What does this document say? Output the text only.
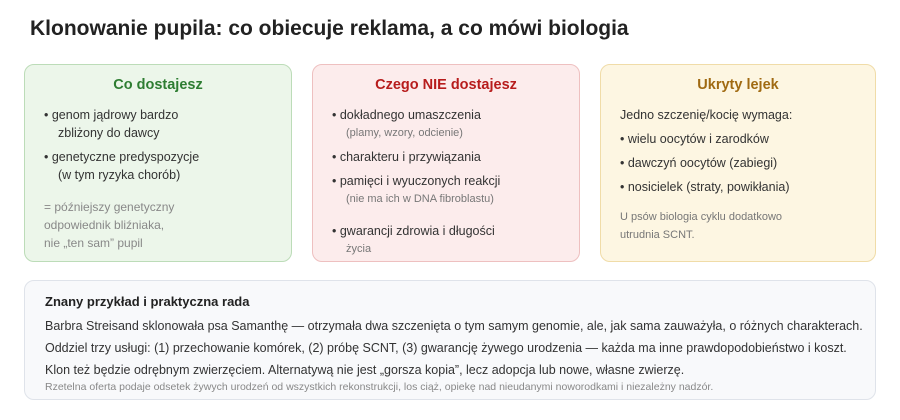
Klonowanie pupila: co obiecuje reklama, a co mówi biologia
Co dostajesz
• genom jądrowy bardzo
zbliżony do dawcy
• genetyczne predyspozycje
(w tym ryzyka chorób)
= późniejszy genetyczny
odpowiednik bliźniaka,
nie „ten sam” pupil
Czego NIE dostajesz
• dokładnego umaszczenia
(plamy, wzory, odcienie)
• charakteru i przywiązania
• pamięci i wyuczonych reakcji
(nie ma ich w DNA fibroblastu)
• gwarancji zdrowia i długości
życia
Ukryty lejek
Jedno szczenię/kocię wymaga:
• wielu oocytów i zarodków
• dawczyń oocytów (zabiegi)
• nosicielek (straty, powikłania)
U psów biologia cyklu dodatkowo
utrudnia SCNT.
Znany przykład i praktyczna rada
Barbra Streisand sklonowała psa Samanthę — otrzymała dwa szczenięta o tym samym genomie, ale, jak sama zauważyła, o różnych charakterach.
Oddziel trzy usługi: (1) przechowanie komórek, (2) próbę SCNT, (3) gwarancję żywego urodzenia — każda ma inne prawdopodobieństwo i koszt.
Klon też będzie odrębnym zwierzęciem. Alternatywą nie jest „gorsza kopia”, lecz adopcja lub nowe, własne zwierzę.
Rzetelna oferta podaje odsetek żywych urodzeń od wszystkich rekonstrukcji, los ciąż, opiekę nad nieudanymi noworodkami i niezależny nadzór.
